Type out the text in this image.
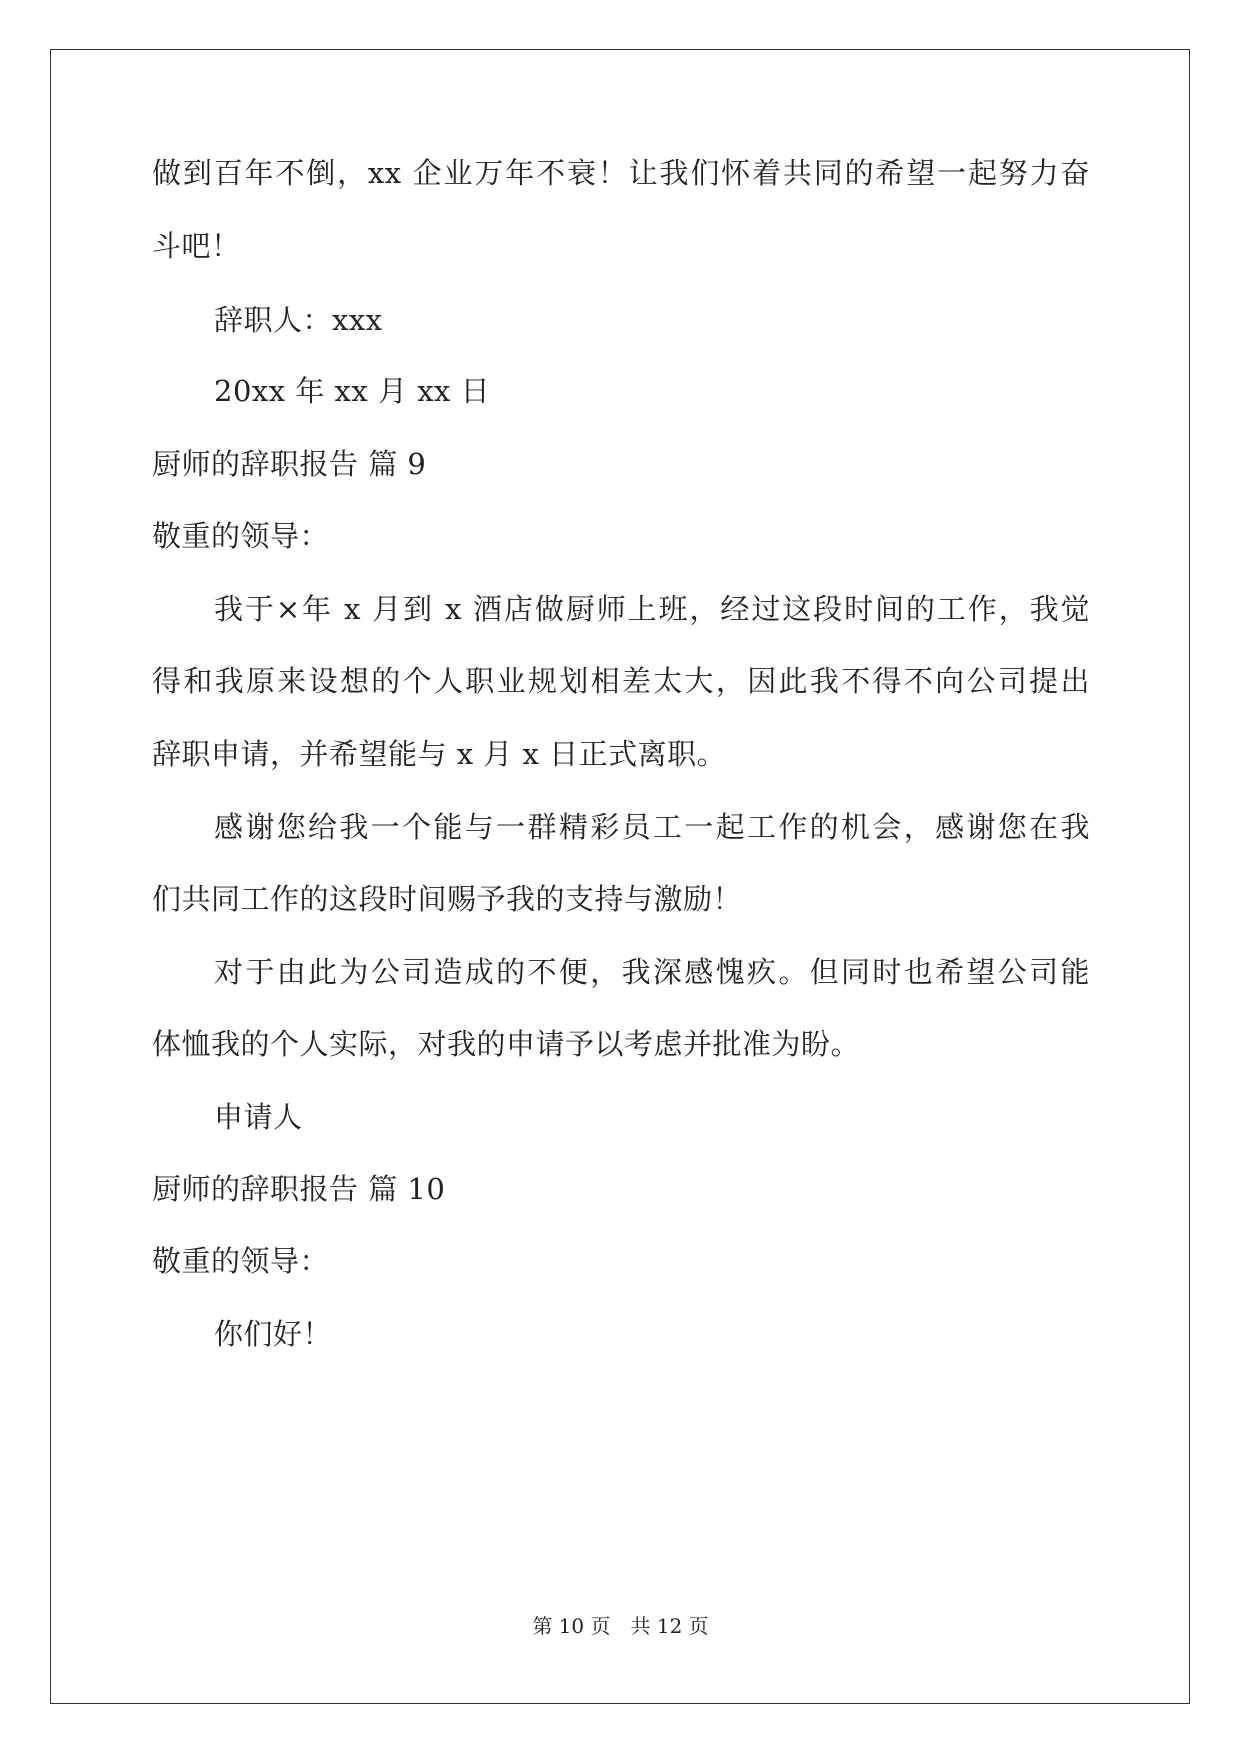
做到百年不倒，xx 企业万年不衰！让我们怀着共同的希望一起努力奋
斗吧！
辞职人：xxx
20xx 年 xx 月 xx 日
厨师的辞职报告 篇 9
敬重的领导：
我于×年 x 月到 x 酒店做厨师上班，经过这段时间的工作，我觉
得和我原来设想的个人职业规划相差太大，因此我不得不向公司提出
辞职申请，并希望能与 x 月 x 日正式离职。
感谢您给我一个能与一群精彩员工一起工作的机会，感谢您在我
们共同工作的这段时间赐予我的支持与激励！
对于由此为公司造成的不便，我深感愧疚。但同时也希望公司能
体恤我的个人实际，对我的申请予以考虑并批准为盼。
申请人
厨师的辞职报告 篇 10
敬重的领导：
你们好！
第 10 页　共 12 页
